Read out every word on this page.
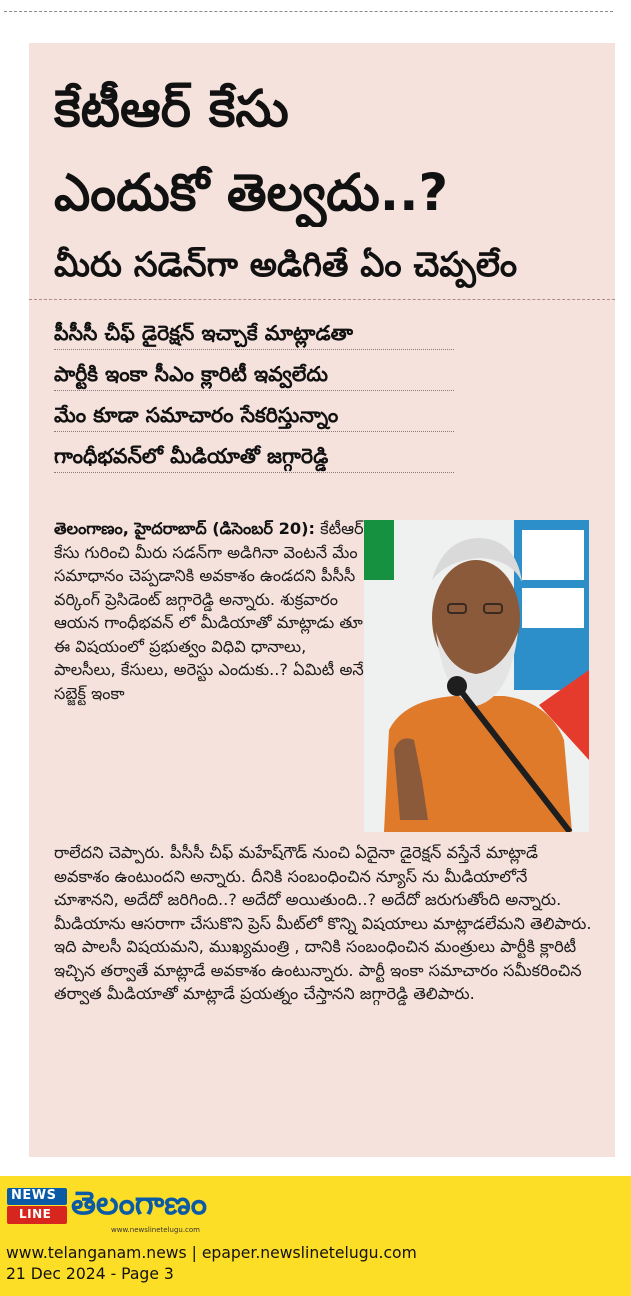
కేటీఆర్ కేసు
ఎందుకో తెల్వదు..?
మీరు సడెన్‌గా అడిగితే ఏం చెప్పలేం

పీసీసీ చీఫ్ డైరెక్షన్ ఇచ్చాకే మాట్లాడతా

పార్టీకి ఇంకా సీఎం క్లారిటీ ఇవ్వలేదు

మేం కూడా సమాచారం సేకరిస్తున్నాం

గాంధీభవన్‌లో మీడియాతో జగ్గారెడ్డి

తెలంగాణం, హైదరాబాద్ (డిసెంబర్ 20): కేటీఆర్ కేసు గురించి మీరు సడన్‌గా అడిగినా వెంటనే మేం సమాధానం చెప్పడానికి అవకాశం ఉండదని పీసీసీ వర్కింగ్ ప్రెసిడెంట్ జగ్గారెడ్డి అన్నారు. శుక్రవారం ఆయన గాంధీభవన్ లో మీడియాతో మాట్లాడు తూ ఈ విషయంలో ప్రభుత్వం విధివి ధానాలు, పాలసీలు, కేసులు, అరెస్టు ఎందుకు..? ఏమిటీ అనే సబ్జెక్ట్ ఇంకా

రాలేదని చెప్పారు. పీసీసీ చీఫ్ మహేష్‌గౌడ్ నుంచి ఏదైనా డైరెక్షన్ వస్తేనే మాట్లాడే అవకాశం ఉంటుందని అన్నారు. దీనికి సంబంధించిన న్యూస్ ను మీడియాలోనే చూశానని, అదేదో జరిగింది..? అదేదో అయితుంది..? అదేదో జరుగుతోంది అన్నారు. మీడియాను ఆసరాగా చేసుకొని ప్రెస్ మీట్‌లో కొన్ని విషయాలు మాట్లాడలేమని తెలిపారు. ఇది పాలసీ విషయమని, ముఖ్యమంత్రి , దానికి సంబంధించిన మంత్రులు పార్టీకి క్లారిటీ ఇచ్చిన తర్వాతే మాట్లాడే అవకాశం ఉంటున్నారు. పార్టీ ఇంకా సమాచారం సమీకరించిన తర్వాత మీడియాతో మాట్లాడే ప్రయత్నం చేస్తానని జగ్గారెడ్డి తెలిపారు.

NEWS
LINE తెలంగాణం
www.newslinetelugu.com
www.telanganam.news | epaper.newslinetelugu.com
21 Dec 2024 - Page 3
